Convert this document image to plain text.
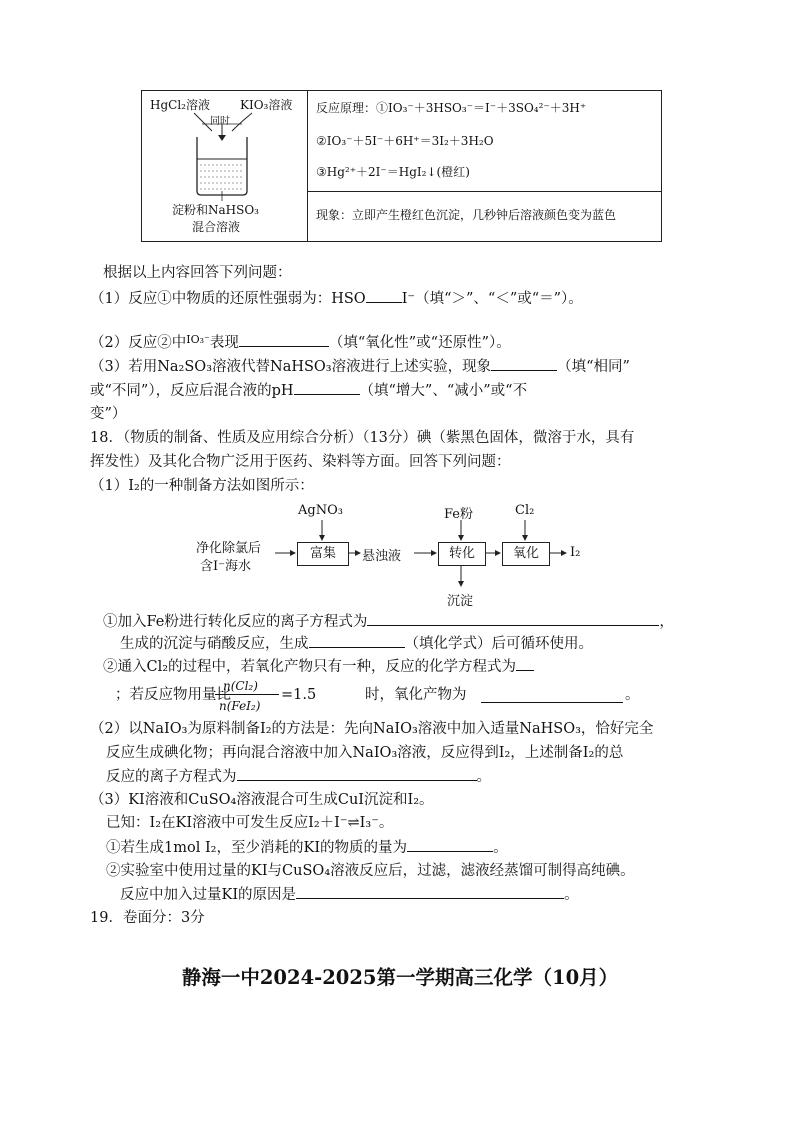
HgCl₂溶液	KIO₃溶液
同时
淀粉和NaHSO₃
混合溶液
反应原理：①IO₃⁻＋3HSO₃⁻＝I⁻＋3SO₄²⁻＋3H⁺
②IO₃⁻＋5I⁻＋6H⁺＝3I₂＋3H₂O
③Hg²⁺＋2I⁻＝HgI₂↓(橙红)
现象：立即产生橙红色沉淀，几秒钟后溶液颜色变为蓝色
根据以上内容回答下列问题：
（1）反应①中物质的还原性强弱为：HSO I⁻（填“＞”、“＜”或“＝”）。
（2）反应②中$^{IO_3^-}$表现	（填“氧化性”或“还原性”）。
（3）若用Na₂SO₃溶液代替NaHSO₃溶液进行上述实验，现象	（填“相同”
或“不同”），反应后混合液的pH	（填“增大”、“减小”或“不
变”）
18．（物质的制备、性质及应用综合分析）（13分）碘（紫黑色固体，微溶于水，具有
挥发性）及其化合物广泛用于医药、染料等方面。回答下列问题：
（1）I₂的一种制备方法如图所示：
净化除氯后
含I⁻海水
AgNO₃	Fe粉	Cl₂
富集	悬浊液	转化	氧化	I₂
沉淀
①加入Fe粉进行转化反应的离子方程式为	，
生成的沉淀与硝酸反应，生成	（填化学式）后可循环使用。
②通入Cl₂的过程中，若氧化产物只有一种，反应的化学方程式为
；若反应物用量比
n(Cl₂)
n(FeI₂)
=1.5	时，氧化产物为	。
（2）以NaIO₃为原料制备I₂的方法是：先向NaIO₃溶液中加入适量NaHSO₃，恰好完全
反应生成碘化物；再向混合溶液中加入NaIO₃溶液，反应得到I₂，上述制备I₂的总
反应的离子方程式为	。
（3）KI溶液和CuSO₄溶液混合可生成CuI沉淀和I₂。
已知：I₂在KI溶液中可发生反应I₂＋I⁻⇌I₃⁻。
①若生成1mol I₂，至少消耗的KI的物质的量为	。
②实验室中使用过量的KI与CuSO₄溶液反应后，过滤，滤液经蒸馏可制得高纯碘。
反应中加入过量KI的原因是	。
19．卷面分：3分
静海一中2024-2025第一学期高三化学（10月）
